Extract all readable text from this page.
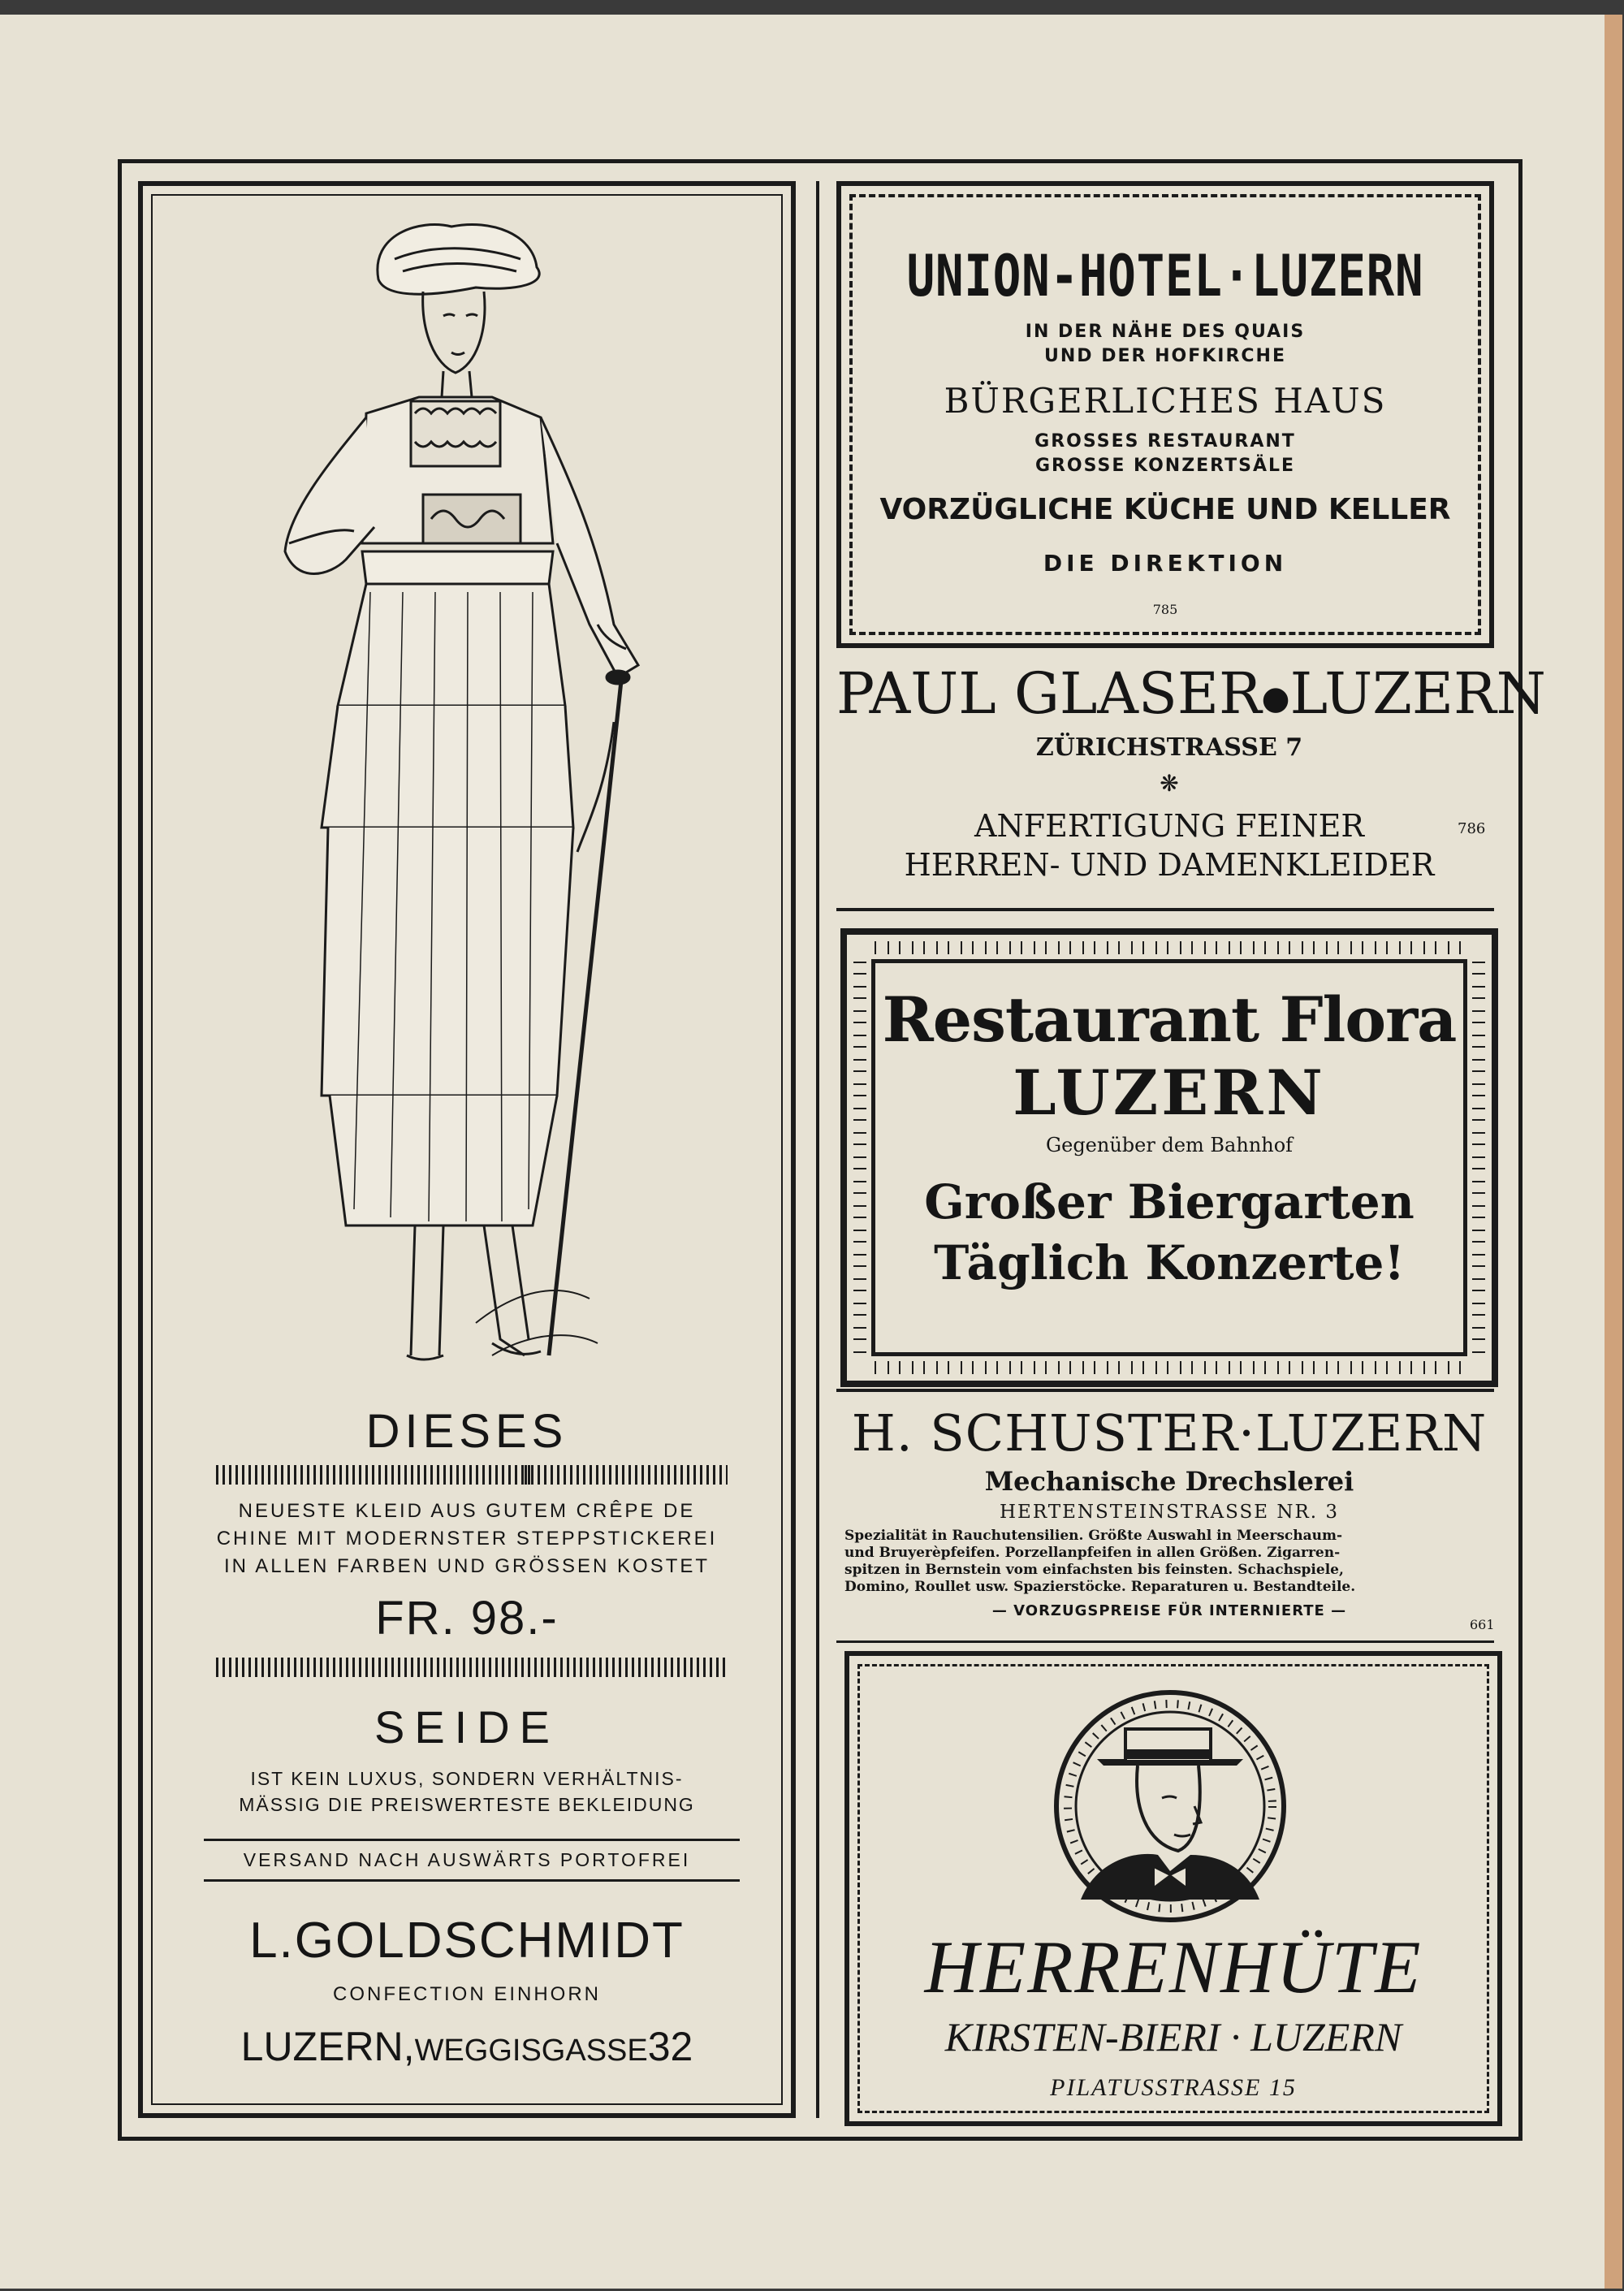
DIESES
NEUESTE KLEID AUS GUTEM CRÊPE DE
CHINE MIT MODERNSTER STEPPSTICKEREI
IN ALLEN FARBEN UND GRÖSSEN KOSTET
FR. 98.-
SEIDE
IST KEIN LUXUS, SONDERN VERHÄLTNIS-
MÄSSIG DIE PREISWERTESTE BEKLEIDUNG
VERSAND NACH AUSWÄRTS PORTOFREI
L.GOLDSCHMIDT
CONFECTION EINHORN
LUZERN,WEGGISGASSE32
UNION-HOTEL·LUZERN
IN DER NÄHE DES QUAIS
UND DER HOFKIRCHE
BÜRGERLICHES HAUS
GROSSES RESTAURANT
GROSSE KONZERTSÄLE
VORZÜGLICHE KÜCHE UND KELLER
DIE DIREKTION
785
PAUL GLASER●LUZERN
ZÜRICHSTRASSE 7
❋
ANFERTIGUNG FEINER
HERREN- UND DAMENKLEIDER
786
Restaurant Flora
LUZERN
Gegenüber dem Bahnhof
Großer Biergarten
Täglich Konzerte!
H. SCHUSTER·LUZERN
Mechanische Drechslerei
HERTENSTEINSTRASSE NR. 3
Spezialität in Rauchutensilien. Größte Auswahl in Meerschaum-
und Bruyerèpfeifen. Porzellanpfeifen in allen Größen. Zigarren-
spitzen in Bernstein vom einfachsten bis feinsten. Schachspiele,
Domino, Roullet usw. Spazierstöcke. Reparaturen u. Bestandteile.
— VORZUGSPREISE FÜR INTERNIERTE —
661
HERRENHÜTE
KIRSTEN-BIERI · LUZERN
PILATUSSTRASSE 15
